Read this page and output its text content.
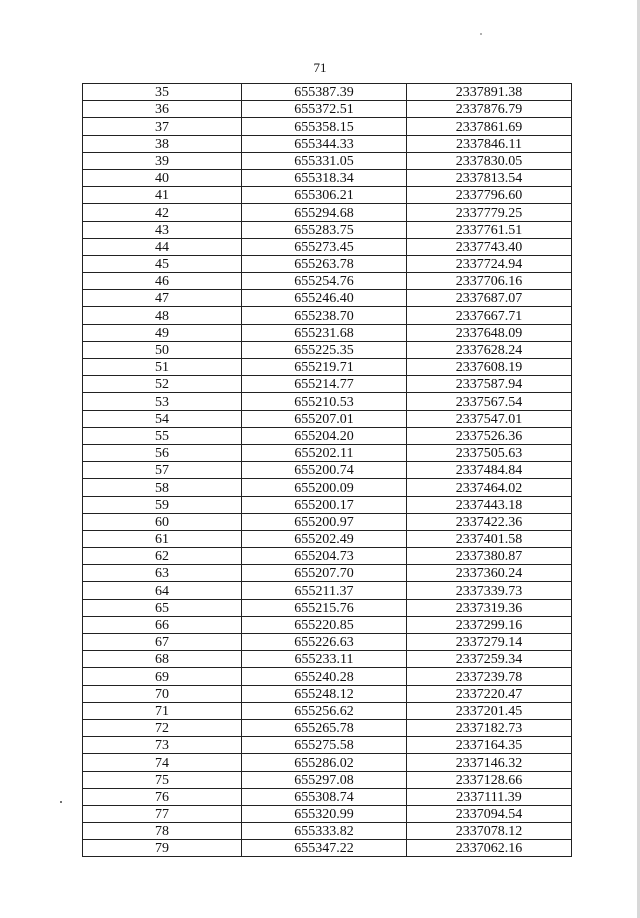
71
35	655387.39	2337891.38
36	655372.51	2337876.79
37	655358.15	2337861.69
38	655344.33	2337846.11
39	655331.05	2337830.05
40	655318.34	2337813.54
41	655306.21	2337796.60
42	655294.68	2337779.25
43	655283.75	2337761.51
44	655273.45	2337743.40
45	655263.78	2337724.94
46	655254.76	2337706.16
47	655246.40	2337687.07
48	655238.70	2337667.71
49	655231.68	2337648.09
50	655225.35	2337628.24
51	655219.71	2337608.19
52	655214.77	2337587.94
53	655210.53	2337567.54
54	655207.01	2337547.01
55	655204.20	2337526.36
56	655202.11	2337505.63
57	655200.74	2337484.84
58	655200.09	2337464.02
59	655200.17	2337443.18
60	655200.97	2337422.36
61	655202.49	2337401.58
62	655204.73	2337380.87
63	655207.70	2337360.24
64	655211.37	2337339.73
65	655215.76	2337319.36
66	655220.85	2337299.16
67	655226.63	2337279.14
68	655233.11	2337259.34
69	655240.28	2337239.78
70	655248.12	2337220.47
71	655256.62	2337201.45
72	655265.78	2337182.73
73	655275.58	2337164.35
74	655286.02	2337146.32
75	655297.08	2337128.66
76	655308.74	2337111.39
77	655320.99	2337094.54
78	655333.82	2337078.12
79	655347.22	2337062.16
